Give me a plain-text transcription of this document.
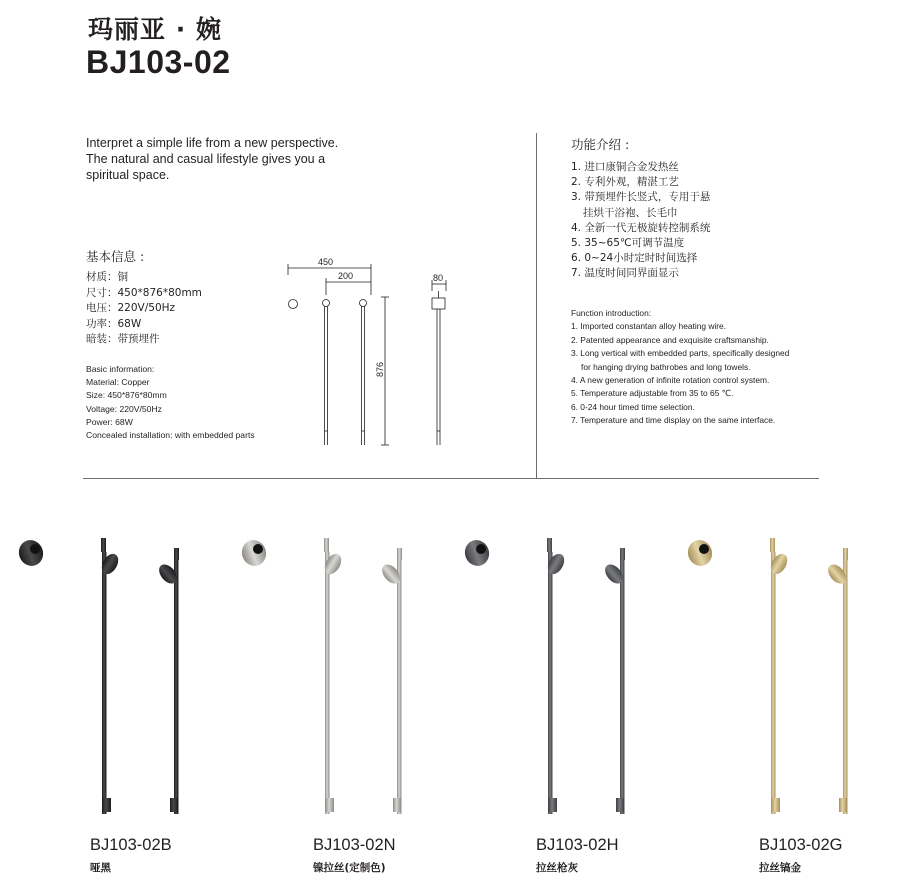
玛丽亚 · 婉
BJ103-02
Interpret a simple life from a new perspective.
The natural and casual lifestyle gives you a
spiritual space.
基本信息 :
材质：铜
尺寸：450*876*80mm
电压：220V/50Hz
功率：68W
暗装：带预埋件
Basic information:
Material: Copper
Size: 450*876*80mm
Voltage: 220V/50Hz
Power: 68W
Concealed installation: with embedded parts
450
200
876
80
功能介绍 :
1. 进口康铜合金发热丝
2. 专利外观，精湛工艺
3. 带预埋件长竖式，专用于悬
挂烘干浴袍、长毛巾
4. 全新一代无极旋转控制系统
5. 35~65℃可调节温度
6. 0~24小时定时时间选择
7. 温度时间同界面显示
Function introduction:
1. Imported constantan alloy heating wire.
2. Patented appearance and exquisite craftsmanship.
3. Long vertical with embedded parts, specifically designed
for hanging drying bathrobes and long towels.
4. A new generation of infinite rotation control system.
5. Temperature adjustable from 35 to 65 ℃.
6. 0-24 hour timed time selection.
7. Temperature and time display on the same interface.
BJ103-02B
哑黑
BJ103-02N
镍拉丝(定制色)
BJ103-02H
拉丝枪灰
BJ103-02G
拉丝镐金
